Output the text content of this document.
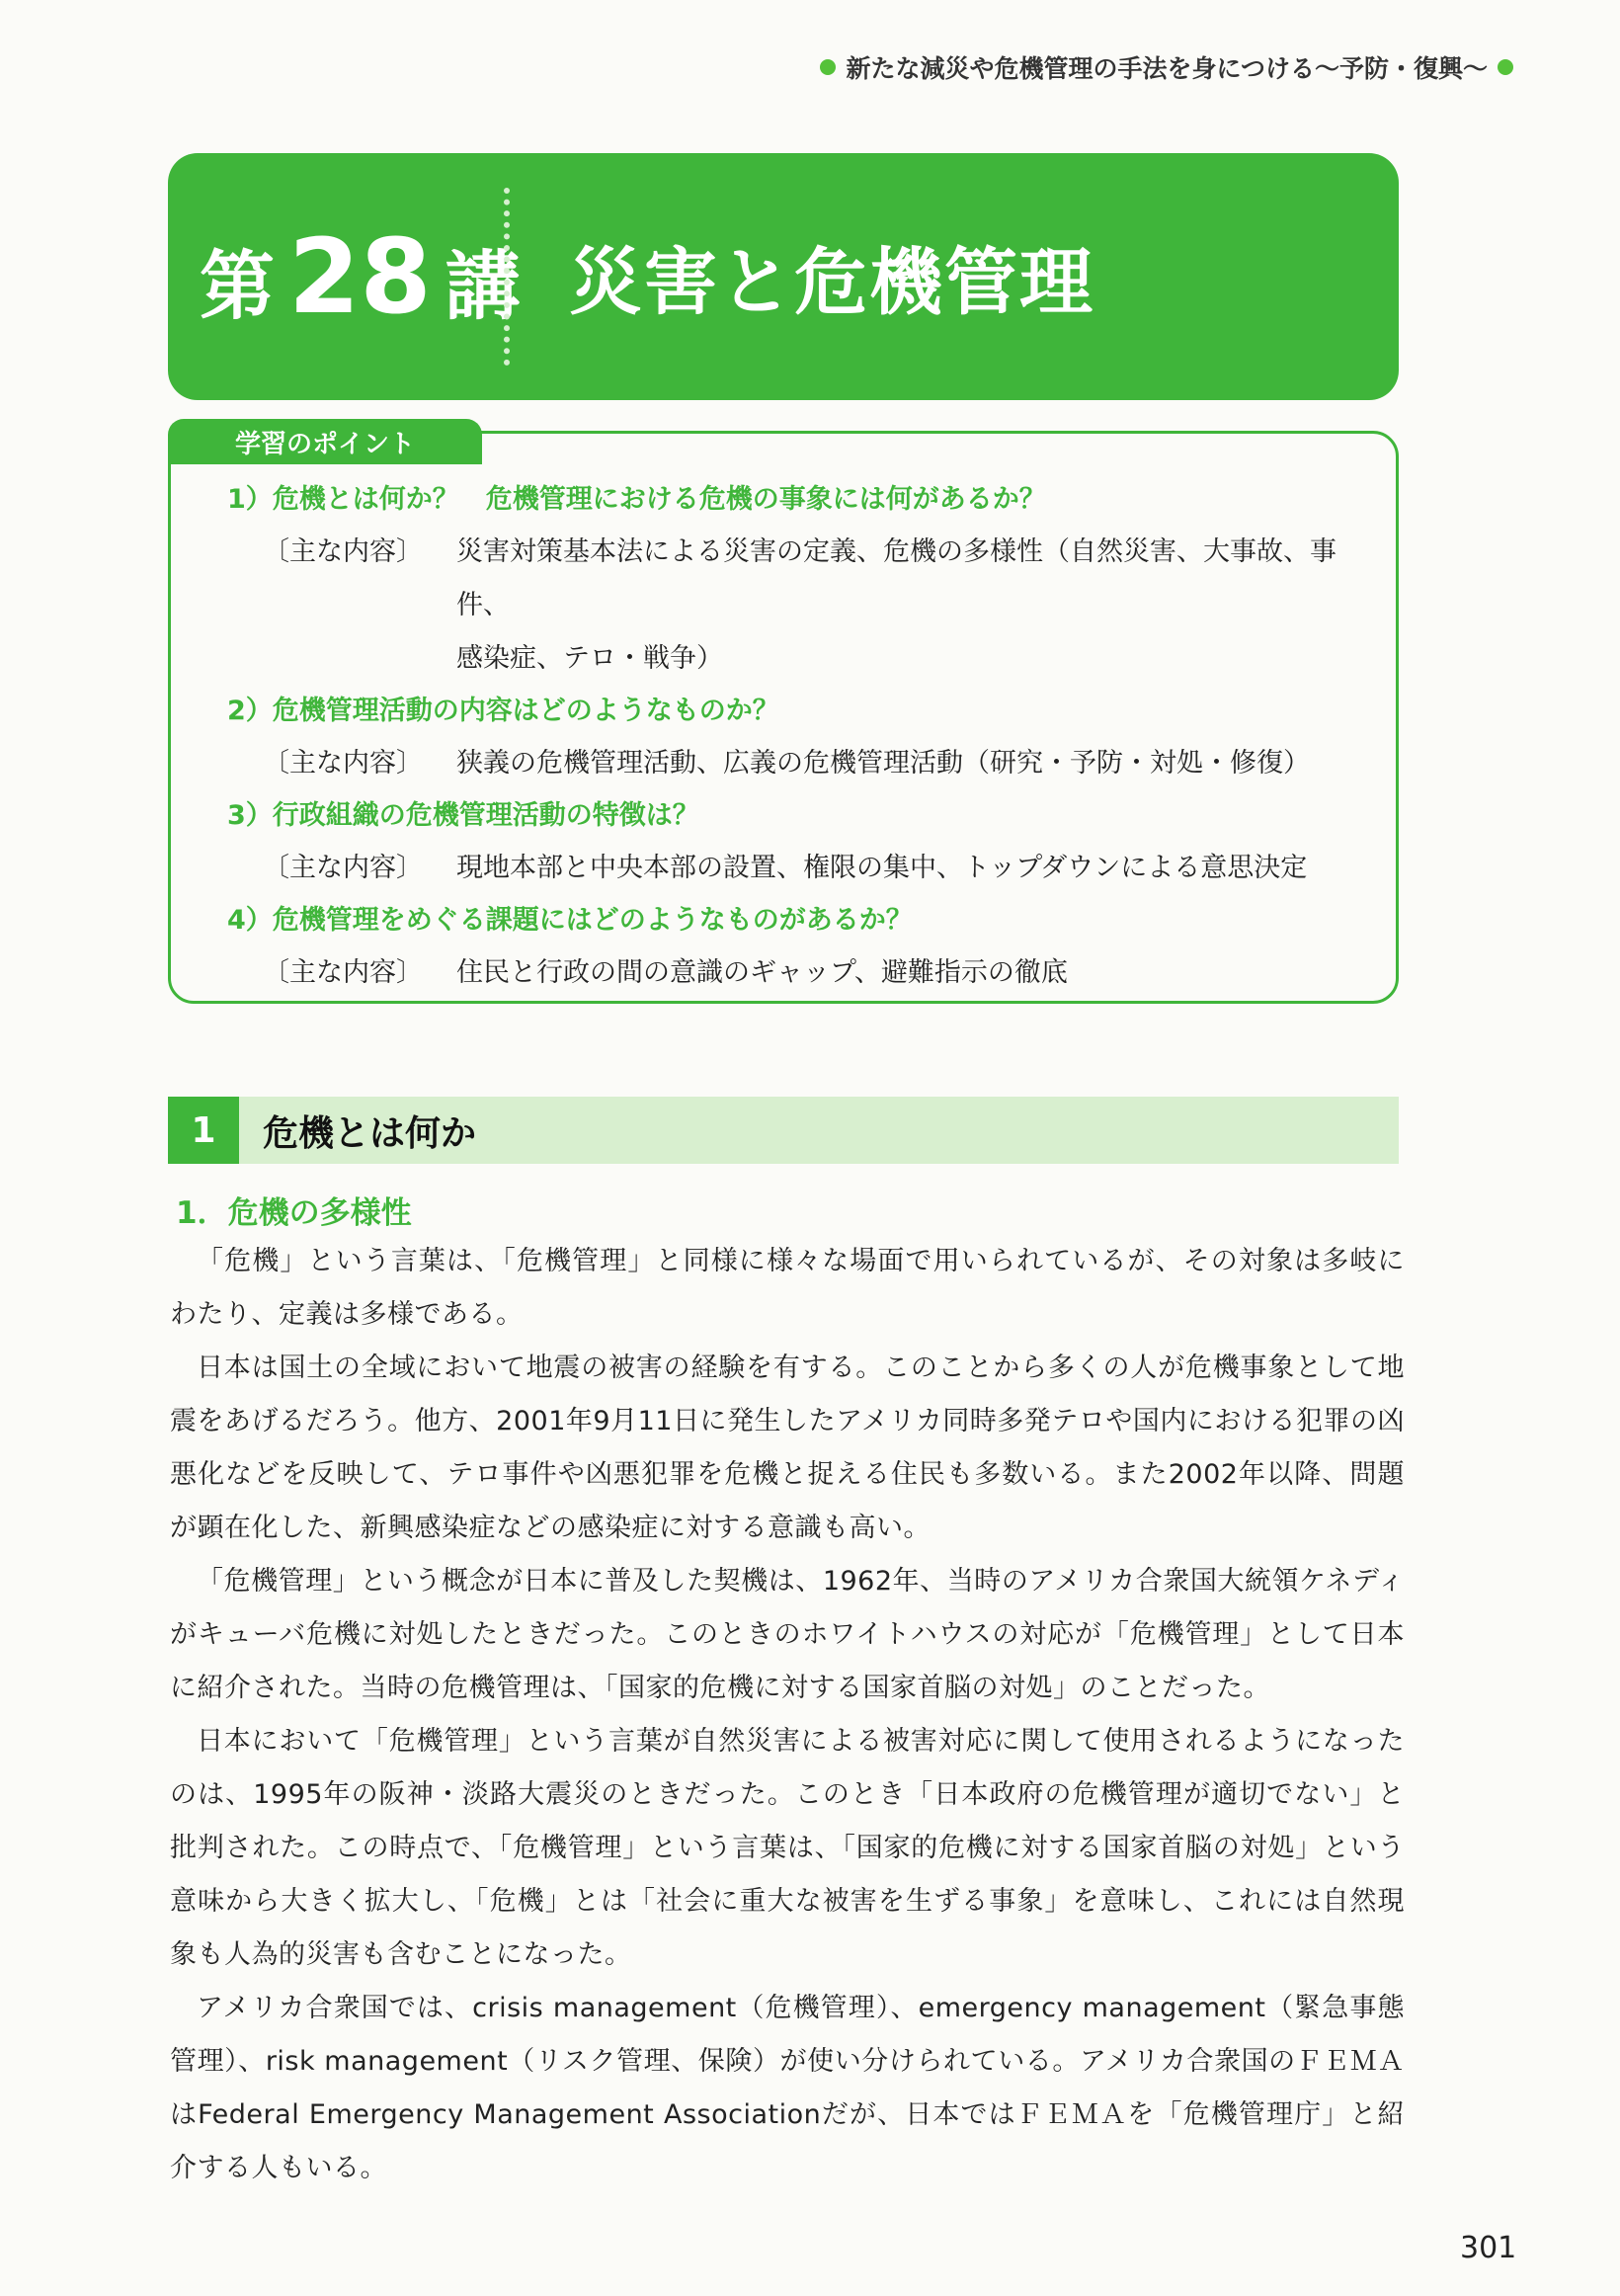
新たな減災や危機管理の手法を身につける～予防・復興～
第 28 講 災害と危機管理
学習のポイント
1）危機とは何か？　危機管理における危機の事象には何があるか？
〔主な内容〕	災害対策基本法による災害の定義、危機の多様性（自然災害、大事故、事件、
感染症、テロ・戦争）
2）危機管理活動の内容はどのようなものか？
〔主な内容〕	狭義の危機管理活動、広義の危機管理活動（研究・予防・対処・修復）
3）行政組織の危機管理活動の特徴は？
〔主な内容〕	現地本部と中央本部の設置、権限の集中、トップダウンによる意思決定
4）危機管理をめぐる課題にはどのようなものがあるか？
〔主な内容〕	住民と行政の間の意識のギャップ、避難指示の徹底
1	危機とは何か
1．危機の多様性

「危機」という言葉は、「危機管理」と同様に様々な場面で用いられているが、その対象は多岐にわたり、定義は多様である。

日本は国土の全域において地震の被害の経験を有する。このことから多くの人が危機事象として地震をあげるだろう。他方、2001年9月11日に発生したアメリカ同時多発テロや国内における犯罪の凶悪化などを反映して、テロ事件や凶悪犯罪を危機と捉える住民も多数いる。また2002年以降、問題が顕在化した、新興感染症などの感染症に対する意識も高い。

「危機管理」という概念が日本に普及した契機は、1962年、当時のアメリカ合衆国大統領ケネディがキューバ危機に対処したときだった。このときのホワイトハウスの対応が「危機管理」として日本に紹介された。当時の危機管理は、「国家的危機に対する国家首脳の対処」のことだった。

日本において「危機管理」という言葉が自然災害による被害対応に関して使用されるようになったのは、1995年の阪神・淡路大震災のときだった。このとき「日本政府の危機管理が適切でない」と批判された。この時点で、「危機管理」という言葉は、「国家的危機に対する国家首脳の対処」という意味から大きく拡大し、「危機」とは「社会に重大な被害を生ずる事象」を意味し、これには自然現象も人為的災害も含むことになった。

アメリカ合衆国では、crisis management（危機管理）、emergency management（緊急事態管理）、risk management（リスク管理、保険）が使い分けられている。アメリカ合衆国のＦＥＭＡはFederal Emergency Management Associationだが、日本ではＦＥＭＡを「危機管理庁」と紹介する人もいる。

301
